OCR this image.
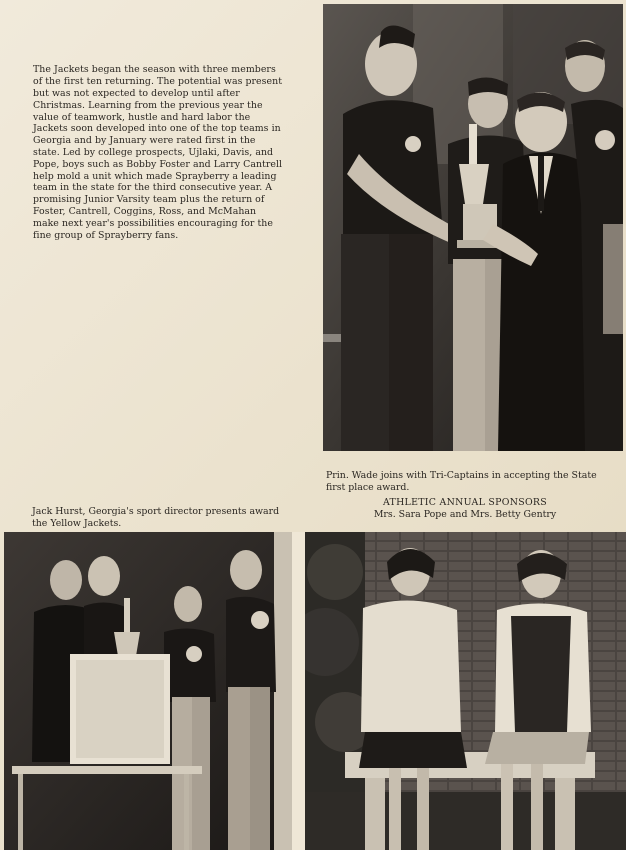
The Jackets began the season with three members of the first ten returning. The potential was present but was not expected to develop until after Christmas. Learning from the previous year the value of teamwork, hustle and hard labor the Jackets soon developed into one of the top teams in Georgia and by January were rated first in the state. Led by college prospects, Ujlaki, Davis, and Pope, boys such as Bobby Foster and Larry Cantrell help mold a unit which made Sprayberry a leading team in the state for the third consecutive year. A promising Junior Varsity team plus the return of Foster, Cantrell, Coggins, Ross, and McMahan make next year's possibilities encouraging for the fine group of Sprayberry fans.

Prin. Wade joins with Tri-Captains in accepting the State first place award.

Jack Hurst, Georgia's sport director presents award the Yellow Jackets.

ATHLETIC ANNUAL SPONSORS
Mrs. Sara Pope and Mrs. Betty Gentry
